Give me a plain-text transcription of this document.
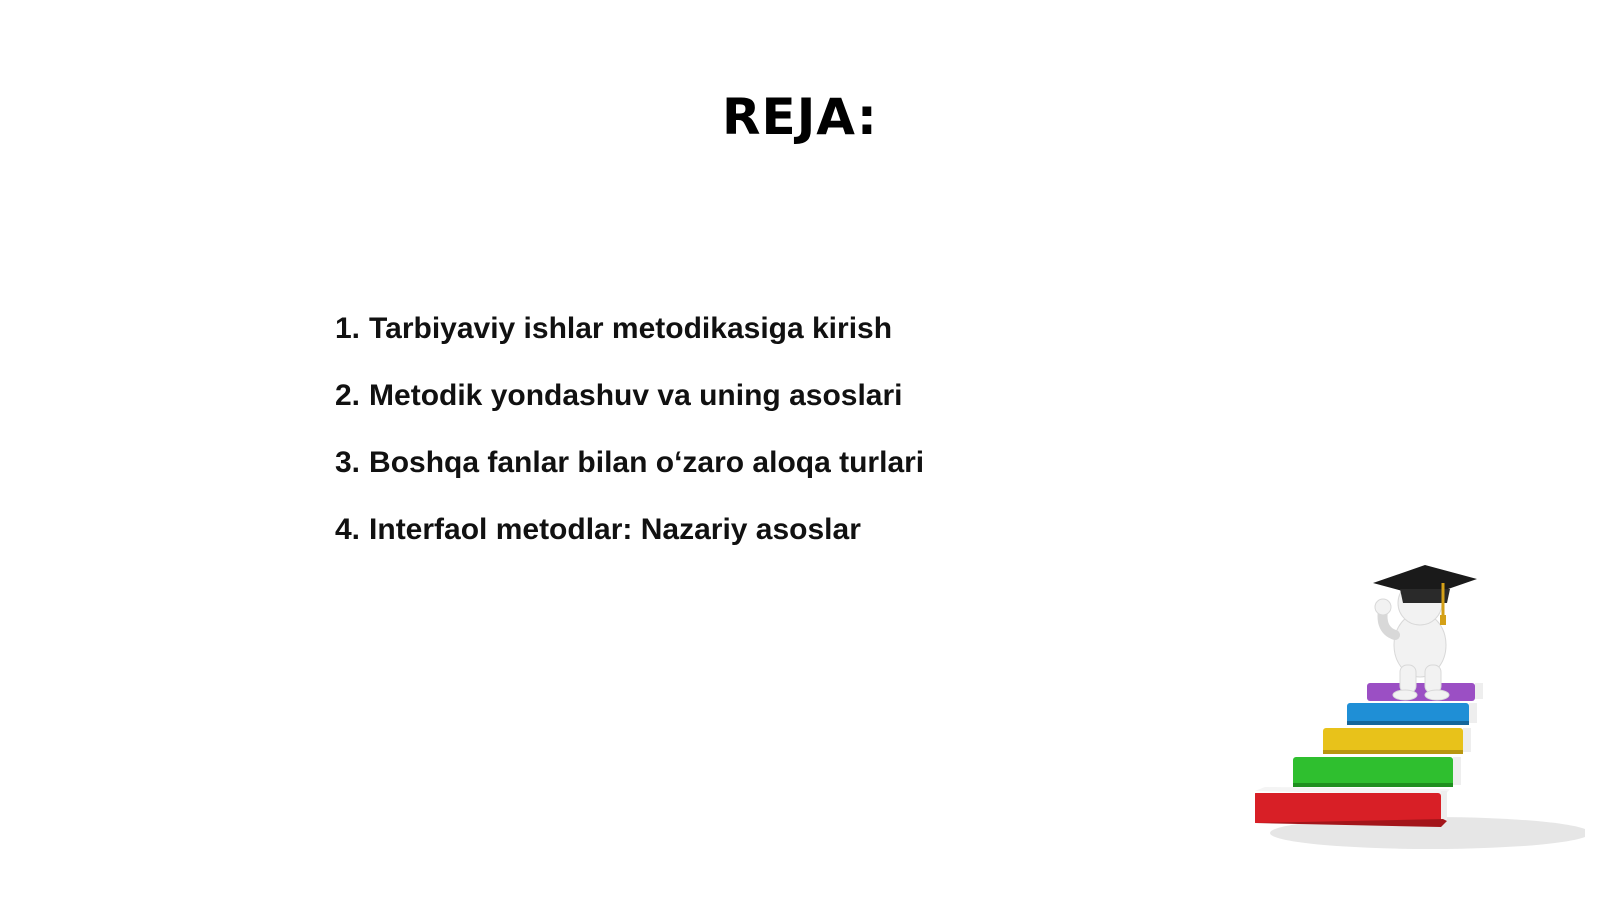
REJA:
1. Tarbiyaviy ishlar metodikasiga kirish
2. Metodik yondashuv va uning asoslari
3. Boshqa fanlar bilan o‘zaro aloqa turlari
4. Interfaol metodlar: Nazariy asoslar
